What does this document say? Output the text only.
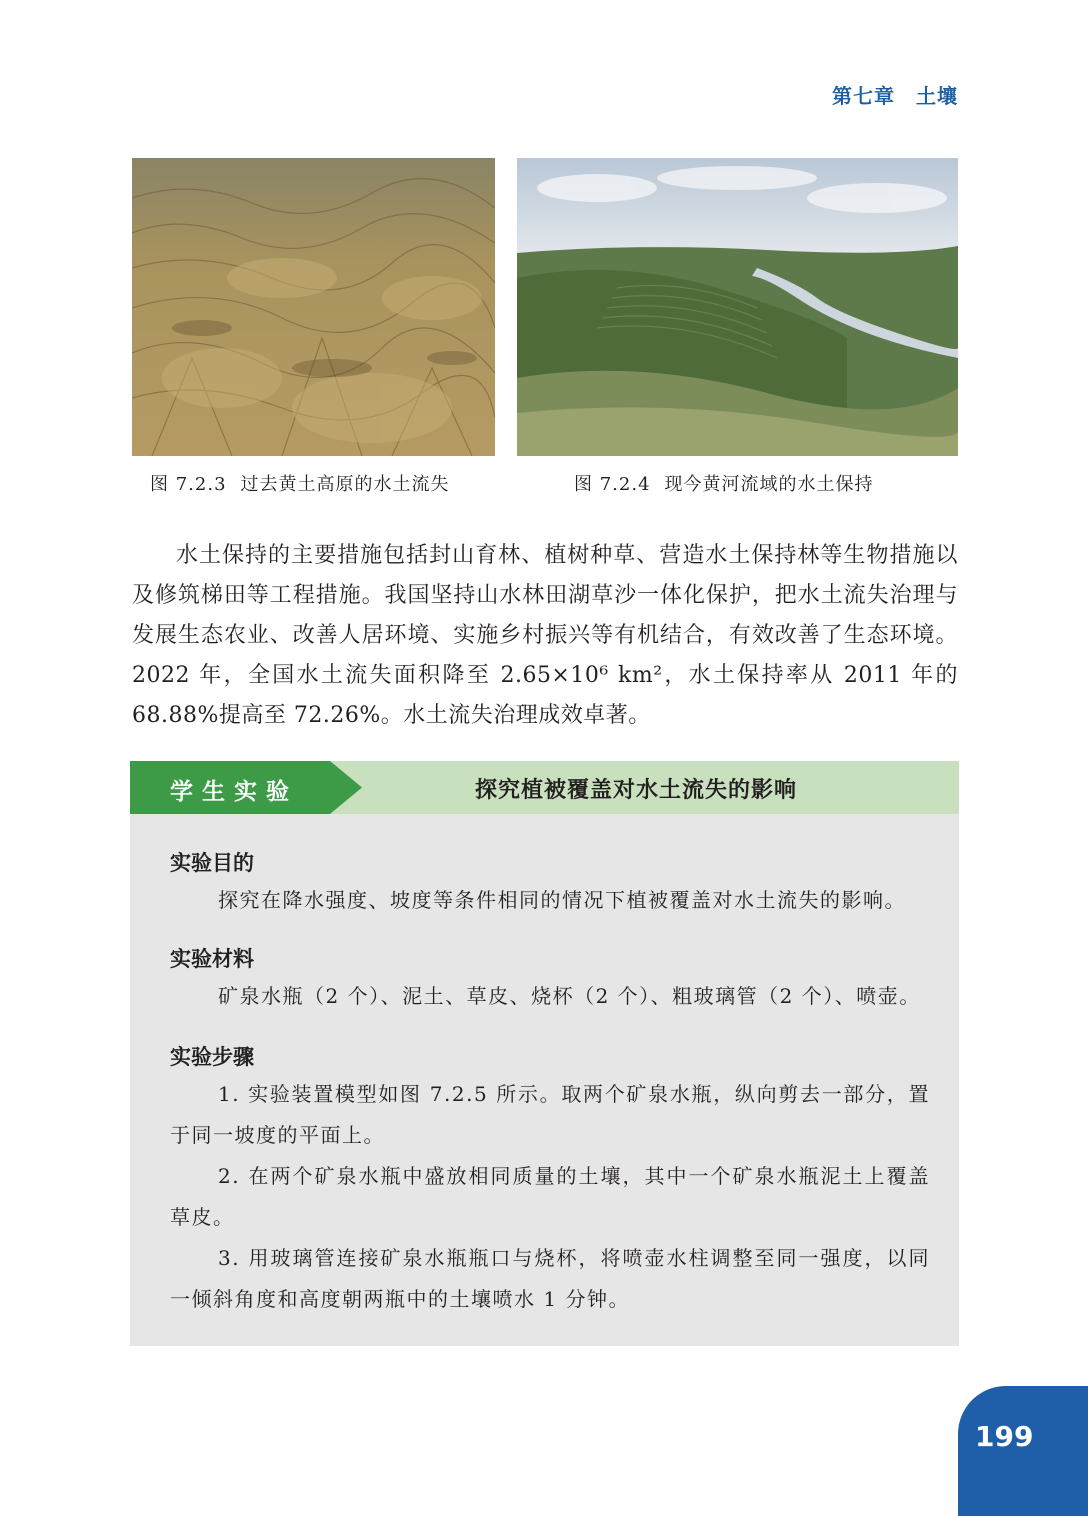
第七章　土壤
图 7.2.3 过去黄土高原的水土流失	图 7.2.4 现今黄河流域的水土保持

水土保持的主要措施包括封山育林、植树种草、营造水土保持林等生物措施以及修筑梯田等工程措施。我国坚持山水林田湖草沙一体化保护，把水土流失治理与发展生态农业、改善人居环境、实施乡村振兴等有机结合，有效改善了生态环境。2022 年，全国水土流失面积降至 2.65×10⁶ km²，水土保持率从 2011 年的 68.88%提高至 72.26%。水土流失治理成效卓著。

学生实验	探究植被覆盖对水土流失的影响
实验目的

探究在降水强度、坡度等条件相同的情况下植被覆盖对水土流失的影响。

实验材料

矿泉水瓶（2 个）、泥土、草皮、烧杯（2 个）、粗玻璃管（2 个）、喷壶。

实验步骤

1. 实验装置模型如图 7.2.5 所示。取两个矿泉水瓶，纵向剪去一部分，置于同一坡度的平面上。

2. 在两个矿泉水瓶中盛放相同质量的土壤，其中一个矿泉水瓶泥土上覆盖草皮。

3. 用玻璃管连接矿泉水瓶瓶口与烧杯，将喷壶水柱调整至同一强度，以同一倾斜角度和高度朝两瓶中的土壤喷水 1 分钟。

199
